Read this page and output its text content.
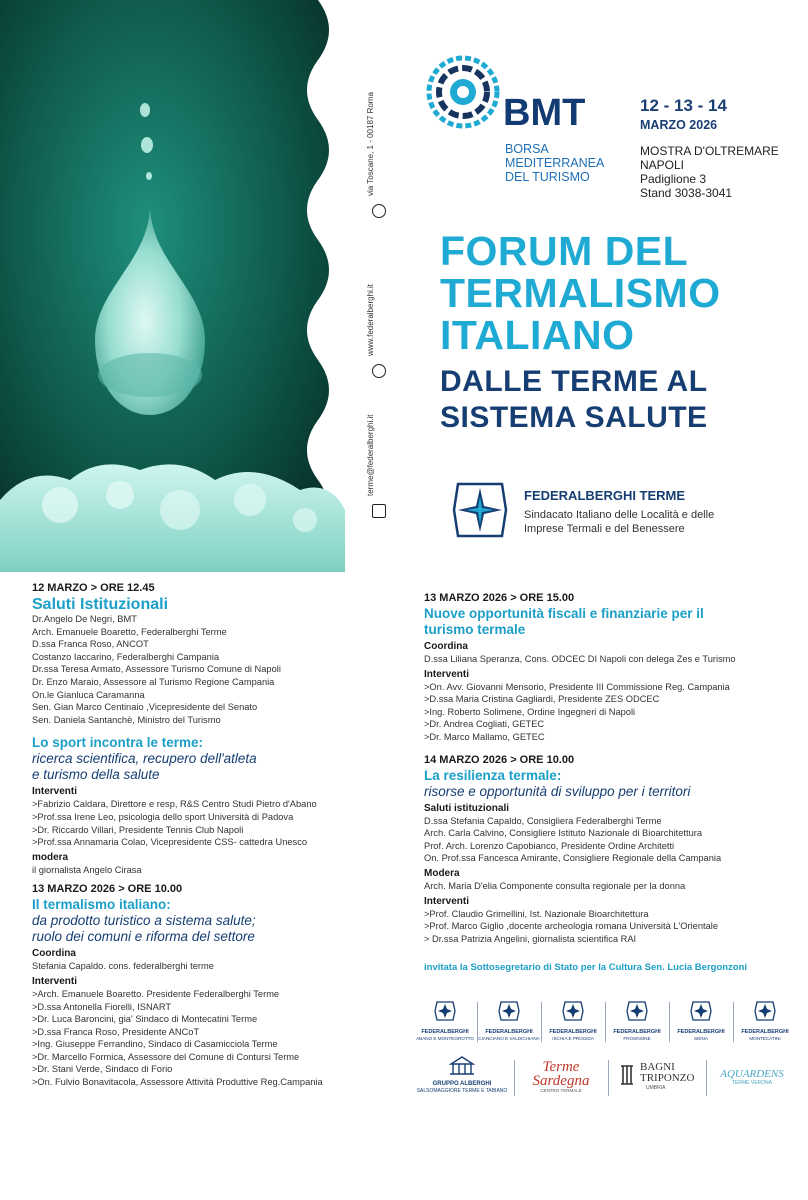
via Toscane, 1 - 00187 Roma
www.federalberghi.it
terme@federalberghi.it
BMT
BORSA
MEDITERRANEA
DEL TURISMO
12 - 13 - 14
MARZO 2026
MOSTRA D'OLTREMARE
NAPOLI
Padiglione 3
Stand 3038-3041
FORUM DEL
TERMALISMO
ITALIANO
DALLE TERME AL
SISTEMA SALUTE
FEDERALBERGHI TERME
Sindacato Italiano delle Località e delle
Imprese Termali e del Benessere
12 MARZO > ORE 12.45
Saluti Istituzionali
Dr.Angelo De Negri, BMT
Arch. Emanuele Boaretto, Federalberghi Terme
D.ssa Franca Roso, ANCOT
Costanzo Iaccarino, Federalberghi Campania
Dr.ssa Teresa Armato, Assessore Turismo Comune di Napoli
Dr. Enzo Maraio, Assessore al Turismo Regione Campania
On.le Gianluca Caramanna
Sen. Gian Marco Centinaio ,Vicepresidente del Senato
Sen. Daniela Santanchè, Ministro del Turismo
Lo sport incontra le terme:
ricerca scientifica, recupero dell'atleta
e turismo della salute
Interventi
>Fabrizio Caldara, Direttore e resp, R&S Centro Studi Pietro d'Abano
>Prof.ssa Irene Leo, psicologia dello sport Università di Padova
>Dr. Riccardo Villari, Presidente Tennis Club Napoli
>Prof.ssa Annamaria Colao, Vicepresidente CSS- cattedra Unesco
modera
il giornalista Angelo Cirasa
13 MARZO 2026 > ORE 10.00
Il termalismo italiano:
da prodotto turistico a sistema salute;
ruolo dei comuni e riforma del settore
Coordina
Stefania Capaldo. cons. federalberghi terme
Interventi
>Arch. Emanuele Boaretto. Presidente Federalberghi Terme
>D.ssa Antonella Fiorelli, ISNART
>Dr. Luca Baroncini, gia' Sindaco di Montecatini Terme
>D.ssa Franca Roso, Presidente ANCoT
>Ing. Giuseppe Ferrandino, Sindaco di Casamicciola Terme
>Dr. Marcello Formica, Assessore del Comune di Contursi Terme
>Dr. Stani Verde, Sindaco di Forio
>On. Fulvio Bonavitacola, Assessore Attività Produttive Reg.Campania
13 MARZO 2026 > ORE 15.00
Nuove opportunità fiscali e finanziarie per il
turismo termale
Coordina
D.ssa Liliana Speranza, Cons. ODCEC DI Napoli con delega Zes e Turismo
Interventi
>On. Avv. Giovanni Mensorio, Presidente III Commissione Reg. Campania
>D.ssa Maria Cristina Gagliardi, Presidente ZES ODCEC
>Ing. Roberto Solimene, Ordine Ingegneri di Napoli
>Dr. Andrea Cogliati, GETEC
>Dr. Marco Mallamo, GETEC
14 MARZO 2026 > ORE 10.00
La resilienza termale:
risorse e opportunità di sviluppo per i territori
Saluti istituzionali
D.ssa Stefania Capaldo, Consigliera Federalberghi Terme
Arch. Carla Calvino, Consigliere Istituto Nazionale di Bioarchitettura
Prof. Arch. Lorenzo Capobianco, Presidente Ordine Architetti
On. Prof.ssa Fancesca Amirante, Consigliere Regionale della Campania
Modera
Arch. Maria D'elia Componente consulta regionale per la donna
Interventi
>Prof. Claudio Grimellini, Ist. Nazionale Bioarchitettura
>Prof. Marco Giglio ,docente archeologia romana Università L'Orientale
> Dr.ssa Patrizia Angelini, giornalista scientifica RAI
invitata la Sottosegretario di Stato per la Cultura Sen. Lucia Bergonzoni
FEDERALBERGHI
ABANO E MONTEGROTTO
FEDERALBERGHI
CIANCIANO E VALDICHIANA
FEDERALBERGHI
ISCHIA E PROCIDA
FEDERALBERGHI
FROSINONE
FEDERALBERGHI
SIENA
FEDERALBERGHI
MONTECATINI
GRUPPO ALBERGHI
SALSOMAGGIORE TERME E TABIANO
Terme
Sardegna
CENTRO TERMALE
BAGNI
TRIPONZO
UMBRIA
AQUARDENS
TERME VERONA
